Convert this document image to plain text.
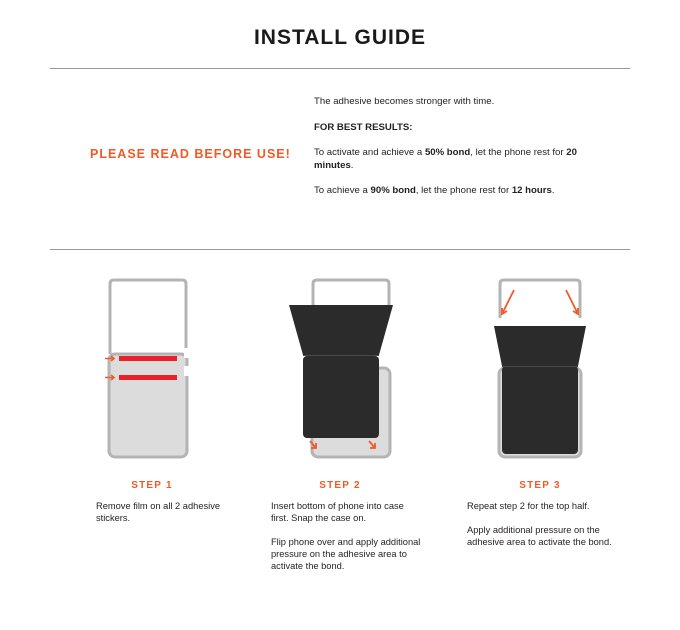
INSTALL GUIDE
PLEASE READ BEFORE USE!

The adhesive becomes stronger with time.

FOR BEST RESULTS:

To activate and achieve a 50% bond, let the phone rest for 20 minutes.

To achieve a 90% bond, let the phone rest for 12 hours.

STEP 1

Remove film on all 2 adhesive stickers.

STEP 2

Insert bottom of phone into case first. Snap the case on.

Flip phone over and apply additional pressure on the adhesive area to activate the bond.

STEP 3

Repeat step 2 for the top half.

Apply additional pressure on the adhesive area to activate the bond.
